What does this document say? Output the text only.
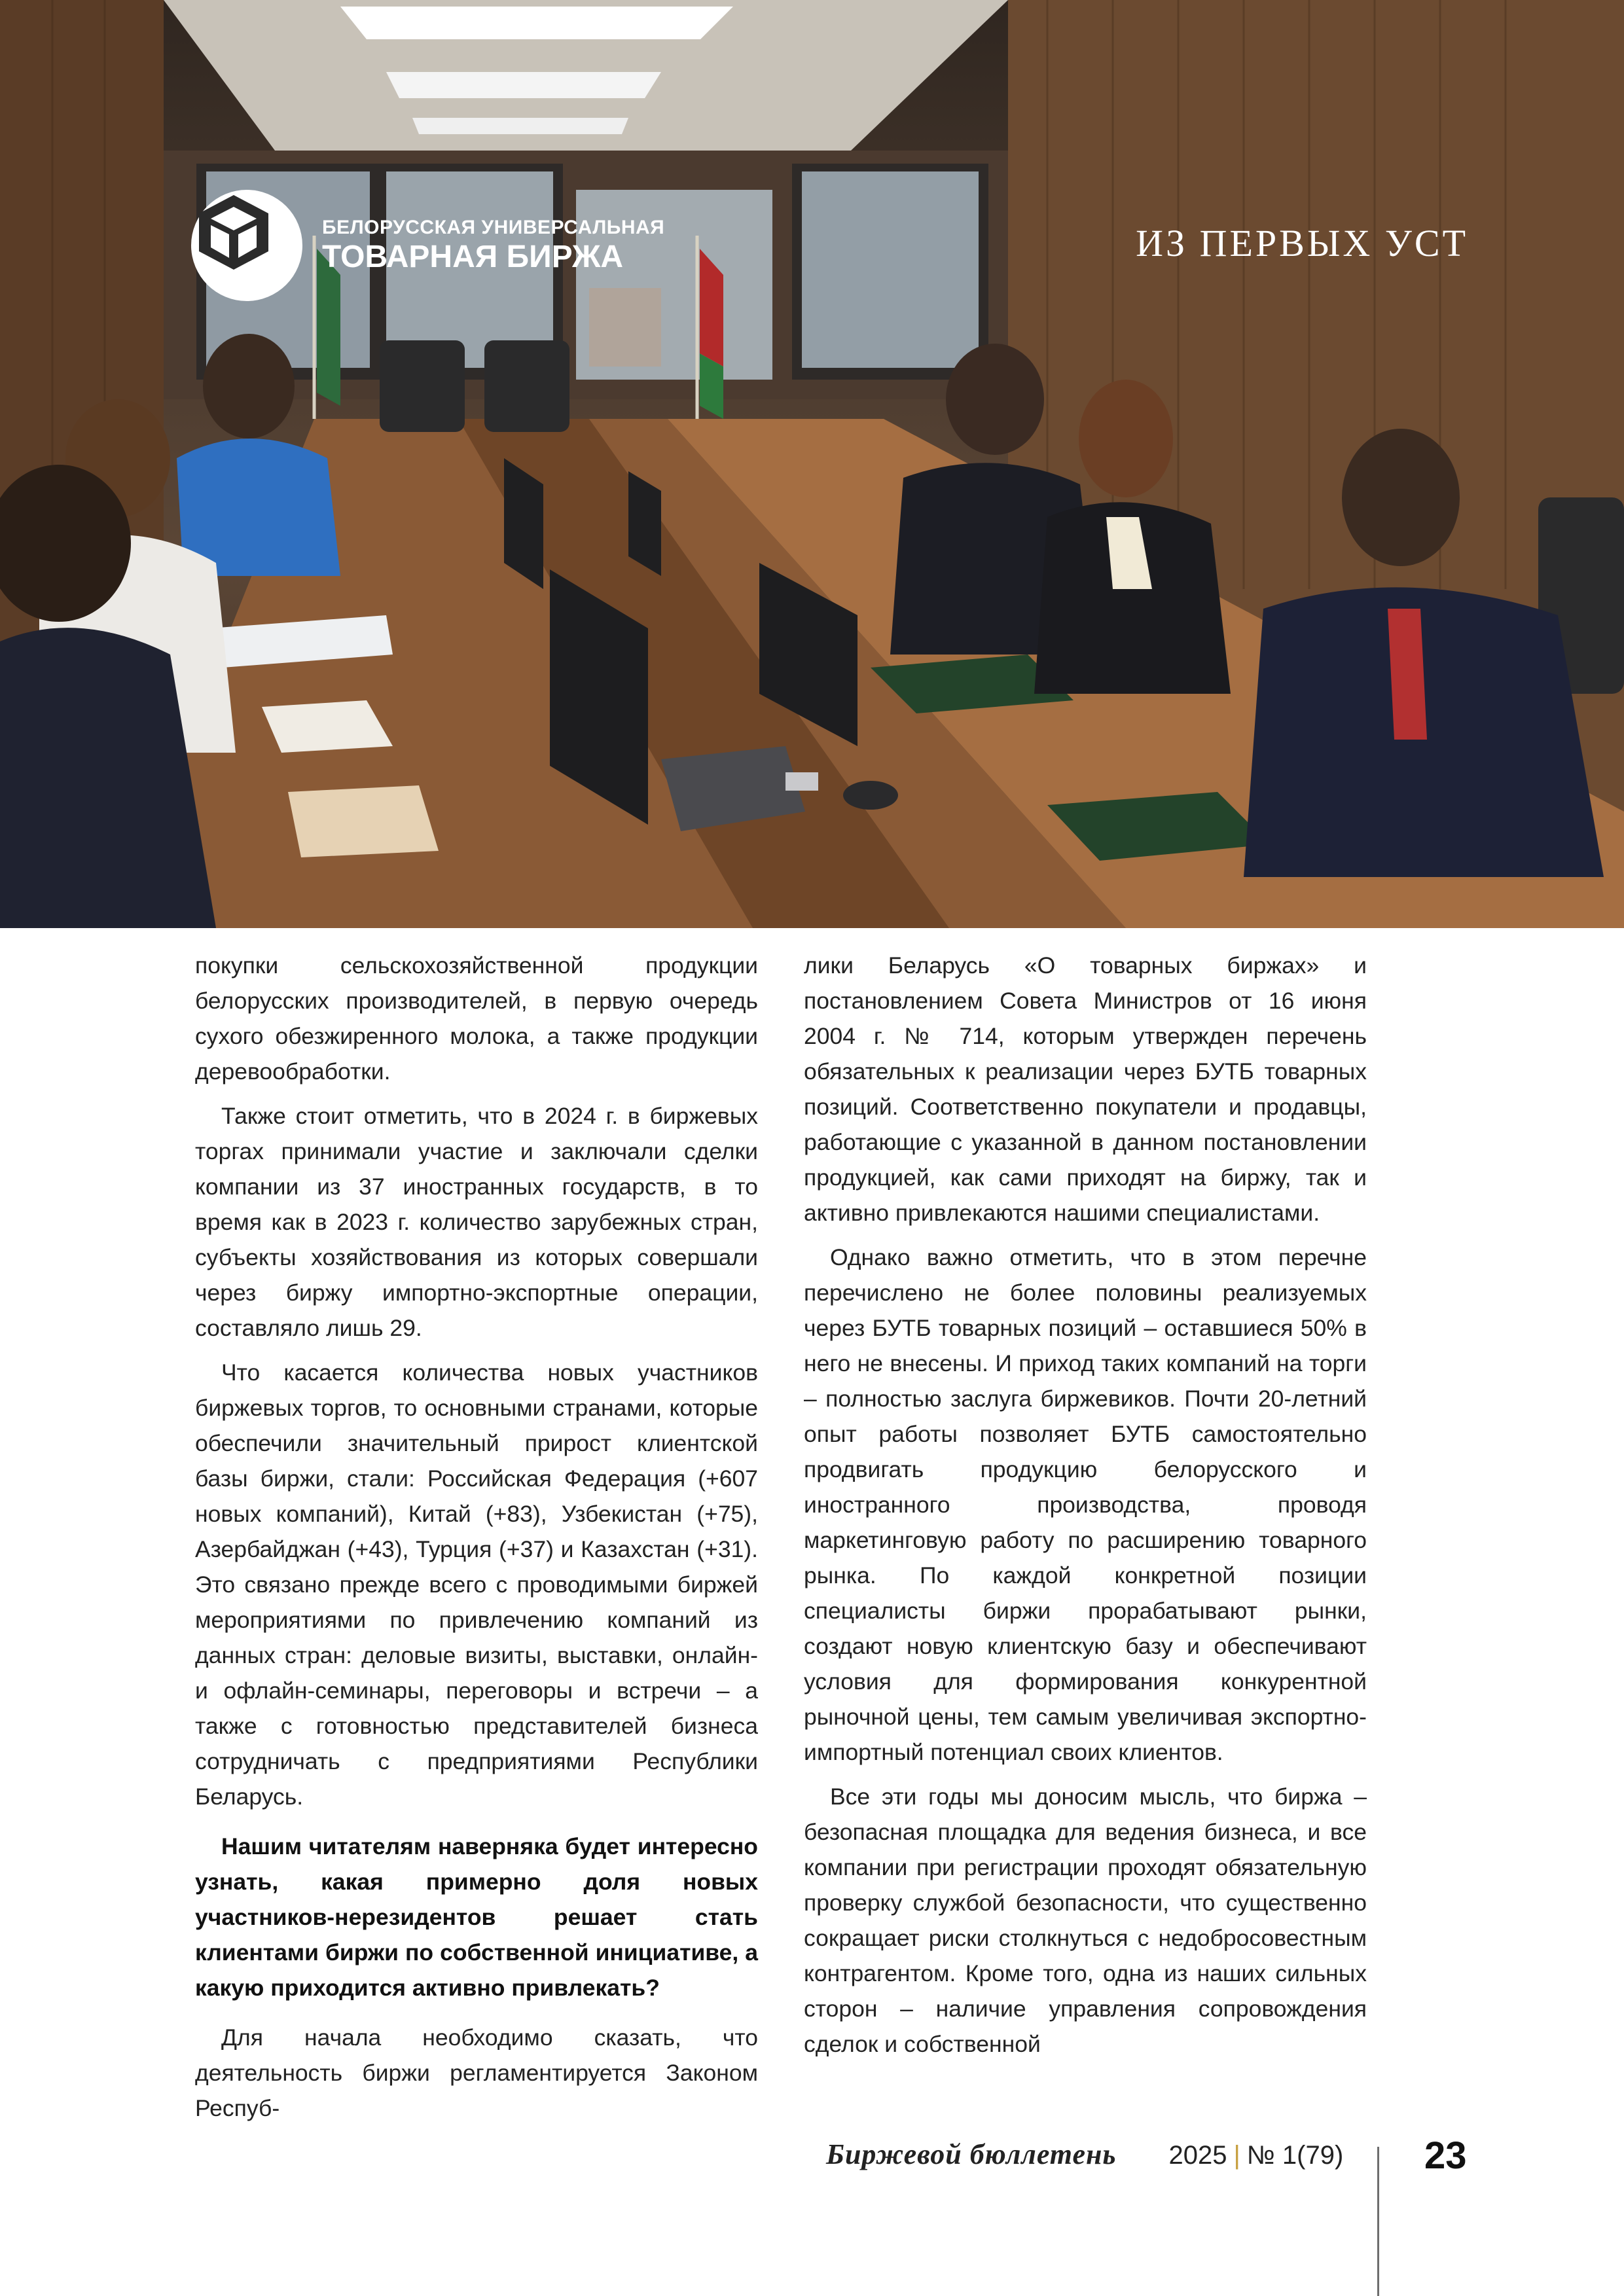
БЕЛОРУССКАЯ УНИВЕРСАЛЬНАЯ
ТОВАРНАЯ БИРЖА	ИЗ ПЕРВЫХ УСТ

покупки сельскохозяйственной продукции белорусских производителей, в первую очередь сухого обезжиренного молока, а также продукции деревообработки.

Также стоит отметить, что в 2024 г. в биржевых торгах принимали участие и заключали сделки компании из 37 иностранных государств, в то время как в 2023 г. количество зарубежных стран, субъекты хозяйствования из которых совершали через биржу импортно-экспортные операции, составляло лишь 29.

Что касается количества новых участников биржевых торгов, то основными странами, которые обеспечили значительный прирост клиентской базы биржи, стали: Российская Федерация (+607 новых компаний), Китай (+83), Узбекистан (+75), Азербайджан (+43), Турция (+37) и Казахстан (+31). Это связано прежде всего с проводимыми биржей мероприятиями по привлечению компаний из данных стран: деловые визиты, выставки, онлайн- и офлайн-семинары, переговоры и встречи – а также с готовностью представителей бизнеса сотрудничать с предприятиями Республики Беларусь.

Нашим читателям наверняка будет интересно узнать, какая примерно доля новых участников-нерезидентов решает стать клиентами биржи по собственной инициативе, а какую приходится активно привлекать?

Для начала необходимо сказать, что деятельность биржи регламентируется Законом Респуб-

лики Беларусь «О товарных биржах» и постановлением Совета Министров от 16 июня 2004 г. № 714, которым утвержден перечень обязательных к реализации через БУТБ товарных позиций. Соответственно покупатели и продавцы, работающие с указанной в данном постановлении продукцией, как сами приходят на биржу, так и активно привлекаются нашими специалистами.

Однако важно отметить, что в этом перечне перечислено не более половины реализуемых через БУТБ товарных позиций – оставшиеся 50% в него не внесены. И приход таких компаний на торги – полностью заслуга биржевиков. Почти 20-летний опыт работы позволяет БУТБ самостоятельно продвигать продукцию белорусского и иностранного производства, проводя маркетинговую работу по расширению товарного рынка. По каждой конкретной позиции специалисты биржи прорабатывают рынки, создают новую клиентскую базу и обеспечивают условия для формирования конкурентной рыночной цены, тем самым увеличивая экспортно-импортный потенциал своих клиентов.

Все эти годы мы доносим мысль, что биржа – безопасная площадка для ведения бизнеса, и все компании при регистрации проходят обязательную проверку службой безопасности, что существенно сокращает риски столкнуться с недобросовестным контрагентом. Кроме того, одна из наших сильных сторон – наличие управления сопровождения сделок и собственной

Биржевой бюллетень 2025 | № 1(79) 23
